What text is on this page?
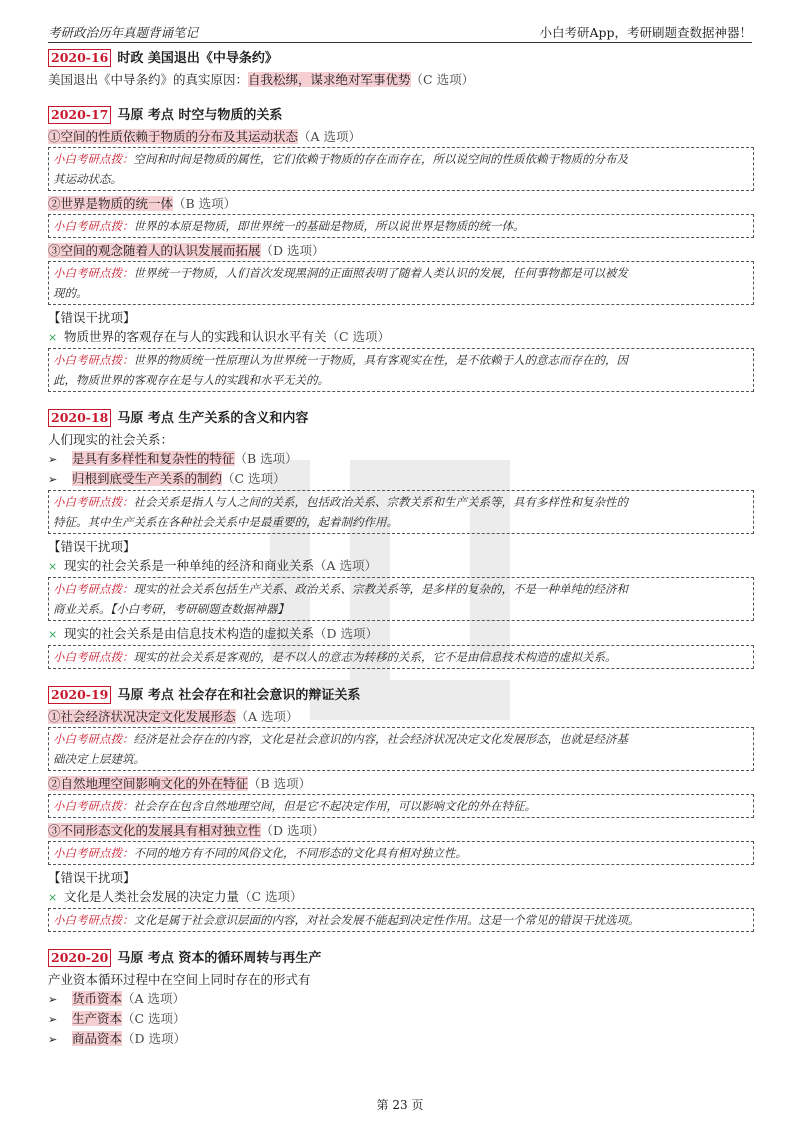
考研政治历年真题背诵笔记	小白考研App，考研刷题查数据神器！
2020-16 时政 美国退出《中导条约》
美国退出《中导条约》的真实原因：自我松绑，谋求绝对军事优势（C 选项）
2020-17 马原 考点 时空与物质的关系
①空间的性质依赖于物质的分布及其运动状态（A 选项）
小白考研点拨：空间和时间是物质的属性，它们依赖于物质的存在而存在，所以说空间的性质依赖于物质的分布及
其运动状态。
②世界是物质的统一体（B 选项）
小白考研点拨：世界的本原是物质，即世界统一的基础是物质，所以说世界是物质的统一体。
③空间的观念随着人的认识发展而拓展（D 选项）
小白考研点拨：世界统一于物质，人们首次发现黑洞的正面照表明了随着人类认识的发展，任何事物都是可以被发
现的。
【错误干扰项】
× 物质世界的客观存在与人的实践和认识水平有关（C 选项）
小白考研点拨：世界的物质统一性原理认为世界统一于物质，具有客观实在性，是不依赖于人的意志而存在的，因
此，物质世界的客观存在是与人的实践和水平无关的。
2020-18 马原 考点 生产关系的含义和内容
人们现实的社会关系：
➢ 是具有多样性和复杂性的特征（B 选项）
➢ 归根到底受生产关系的制约（C 选项）
小白考研点拨：社会关系是指人与人之间的关系，包括政治关系、宗教关系和生产关系等，具有多样性和复杂性的
特征。其中生产关系在各种社会关系中是最重要的，起着制约作用。
【错误干扰项】
× 现实的社会关系是一种单纯的经济和商业关系（A 选项）
小白考研点拨：现实的社会关系包括生产关系、政治关系、宗教关系等，是多样的复杂的，不是一种单纯的经济和
商业关系。【小白考研，考研刷题查数据神器】
× 现实的社会关系是由信息技术构造的虚拟关系（D 选项）
小白考研点拨：现实的社会关系是客观的，是不以人的意志为转移的关系，它不是由信息技术构造的虚拟关系。
2020-19 马原 考点 社会存在和社会意识的辩证关系
①社会经济状况决定文化发展形态（A 选项）
小白考研点拨：经济是社会存在的内容，文化是社会意识的内容，社会经济状况决定文化发展形态，也就是经济基
础决定上层建筑。
②自然地理空间影响文化的外在特征（B 选项）
小白考研点拨：社会存在包含自然地理空间，但是它不起决定作用，可以影响文化的外在特征。
③不同形态文化的发展具有相对独立性（D 选项）
小白考研点拨：不同的地方有不同的风俗文化，不同形态的文化具有相对独立性。
【错误干扰项】
× 文化是人类社会发展的决定力量（C 选项）
小白考研点拨：文化是属于社会意识层面的内容，对社会发展不能起到决定性作用。这是一个常见的错误干扰选项。
2020-20 马原 考点 资本的循环周转与再生产
产业资本循环过程中在空间上同时存在的形式有
➢ 货币资本（A 选项）
➢ 生产资本（C 选项）
➢ 商品资本（D 选项）
第 23 页
